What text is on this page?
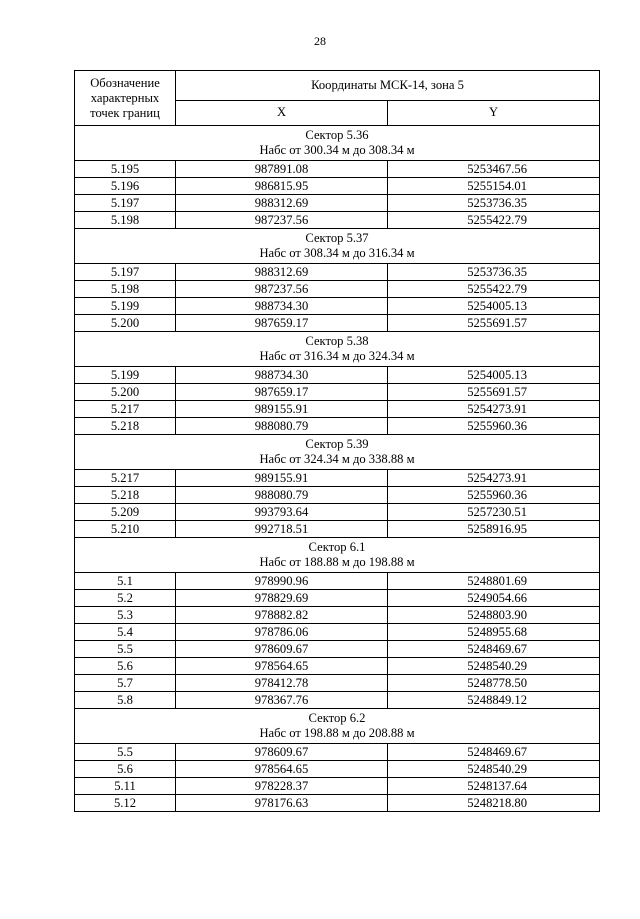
28
Обозначение
характерных
точек границ	Координаты МСК-14, зона 5	
	X	Y
Сектор 5.36
Набс от 300.34 м до 308.34 м		
5.195	987891.08	5253467.56
5.196	986815.95	5255154.01
5.197	988312.69	5253736.35
5.198	987237.56	5255422.79
Сектор 5.37
Набс от 308.34 м до 316.34 м		
5.197	988312.69	5253736.35
5.198	987237.56	5255422.79
5.199	988734.30	5254005.13
5.200	987659.17	5255691.57
Сектор 5.38
Набс от 316.34 м до 324.34 м		
5.199	988734.30	5254005.13
5.200	987659.17	5255691.57
5.217	989155.91	5254273.91
5.218	988080.79	5255960.36
Сектор 5.39
Набс от 324.34 м до 338.88 м		
5.217	989155.91	5254273.91
5.218	988080.79	5255960.36
5.209	993793.64	5257230.51
5.210	992718.51	5258916.95
Сектор 6.1
Набс от 188.88 м до 198.88 м		
5.1	978990.96	5248801.69
5.2	978829.69	5249054.66
5.3	978882.82	5248803.90
5.4	978786.06	5248955.68
5.5	978609.67	5248469.67
5.6	978564.65	5248540.29
5.7	978412.78	5248778.50
5.8	978367.76	5248849.12
Сектор 6.2
Набс от 198.88 м до 208.88 м		
5.5	978609.67	5248469.67
5.6	978564.65	5248540.29
5.11	978228.37	5248137.64
5.12	978176.63	5248218.80
